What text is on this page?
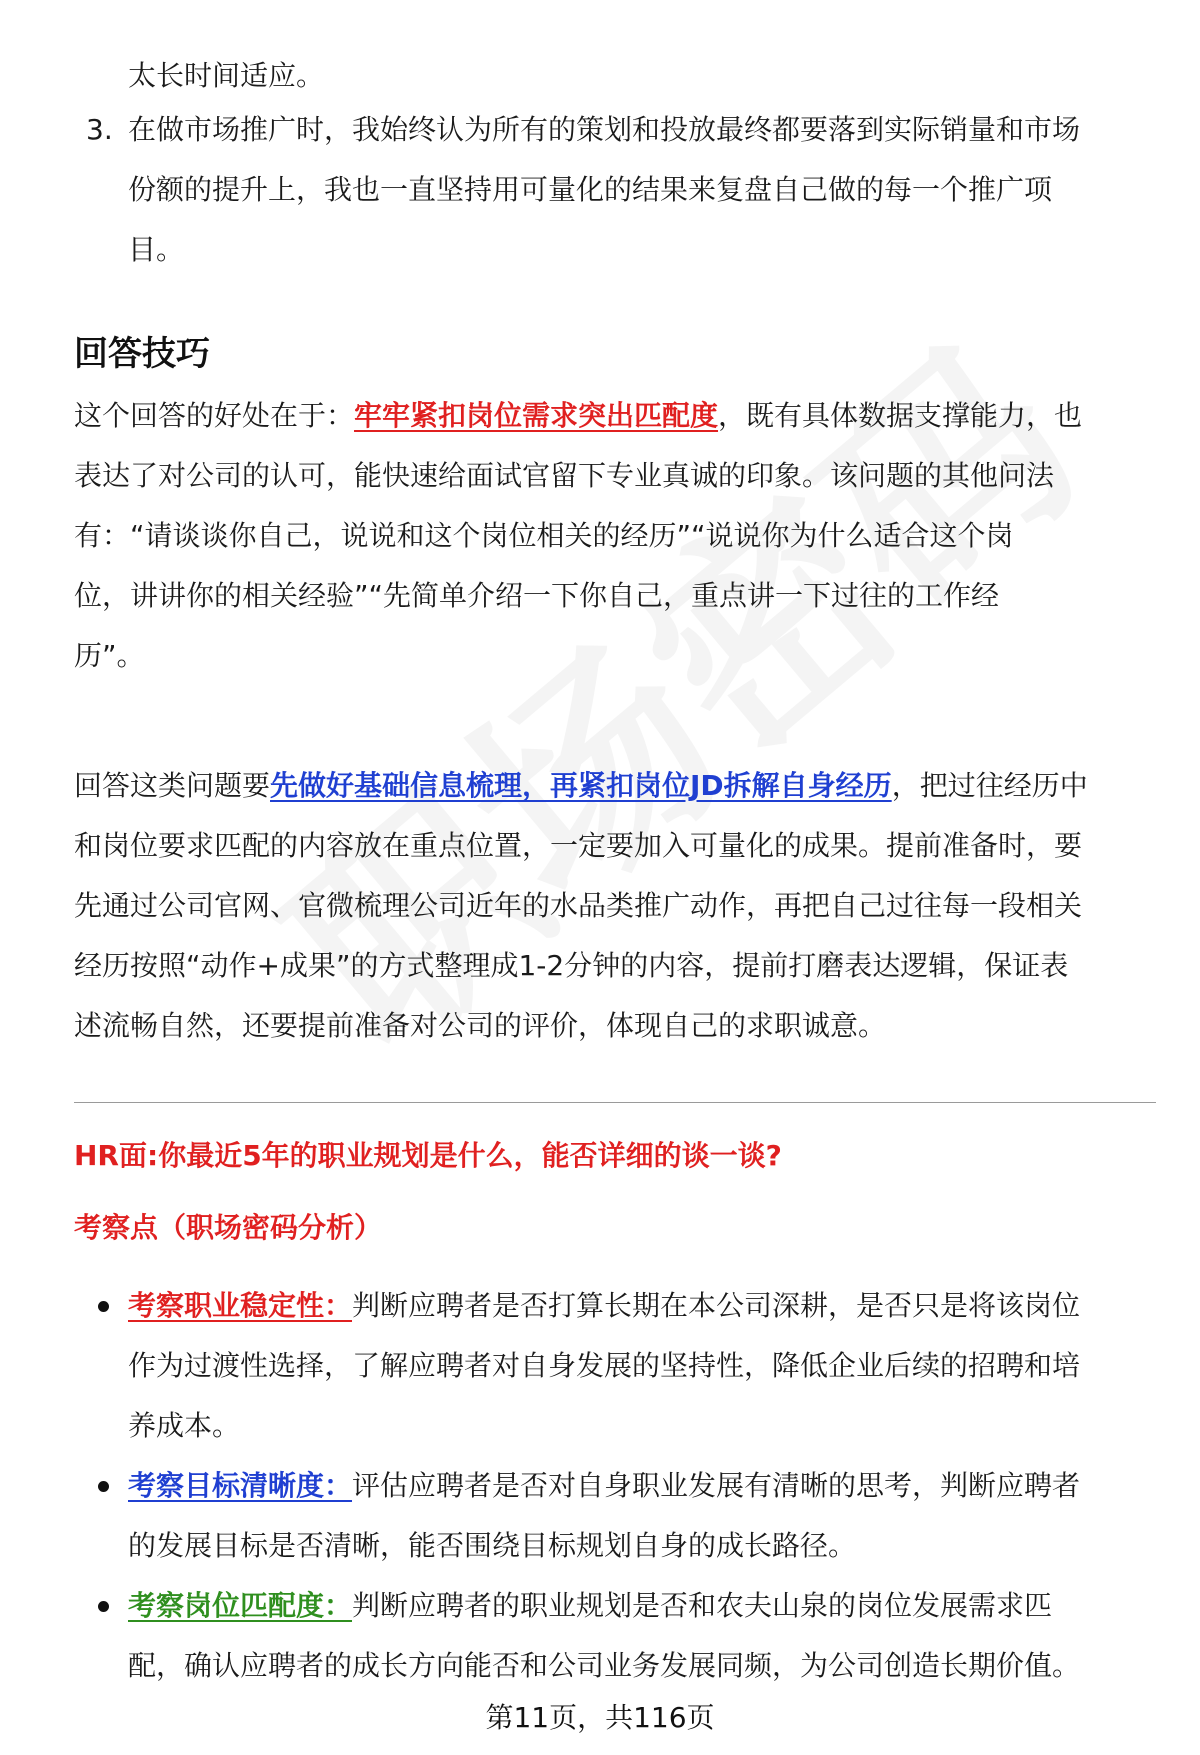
太长时间适应。
3. 在做市场推广时，我始终认为所有的策划和投放最终都要落到实际销量和市场
份额的提升上，我也一直坚持用可量化的结果来复盘自己做的每一个推广项
目。
回答技巧
这个回答的好处在于：牢牢紧扣岗位需求突出匹配度，既有具体数据支撑能力，也
表达了对公司的认可，能快速给面试官留下专业真诚的印象。该问题的其他问法
有：“请谈谈你自己，说说和这个岗位相关的经历”“说说你为什么适合这个岗
位，讲讲你的相关经验”“先简单介绍一下你自己，重点讲一下过往的工作经
历”。
回答这类问题要先做好基础信息梳理，再紧扣岗位JD拆解自身经历，把过往经历中
和岗位要求匹配的内容放在重点位置，一定要加入可量化的成果。提前准备时，要
先通过公司官网、官微梳理公司近年的水品类推广动作，再把自己过往每一段相关
经历按照“动作+成果”的方式整理成1-2分钟的内容，提前打磨表达逻辑，保证表
述流畅自然，还要提前准备对公司的评价，体现自己的求职诚意。
HR面:你最近5年的职业规划是什么，能否详细的谈一谈?
考察点（职场密码分析）
考察职业稳定性：判断应聘者是否打算长期在本公司深耕，是否只是将该岗位
作为过渡性选择，了解应聘者对自身发展的坚持性，降低企业后续的招聘和培
养成本。
考察目标清晰度：评估应聘者是否对自身职业发展有清晰的思考，判断应聘者
的发展目标是否清晰，能否围绕目标规划自身的成长路径。
考察岗位匹配度：判断应聘者的职业规划是否和农夫山泉的岗位发展需求匹
配，确认应聘者的成长方向能否和公司业务发展同频，为公司创造长期价值。
第11页，共116页
